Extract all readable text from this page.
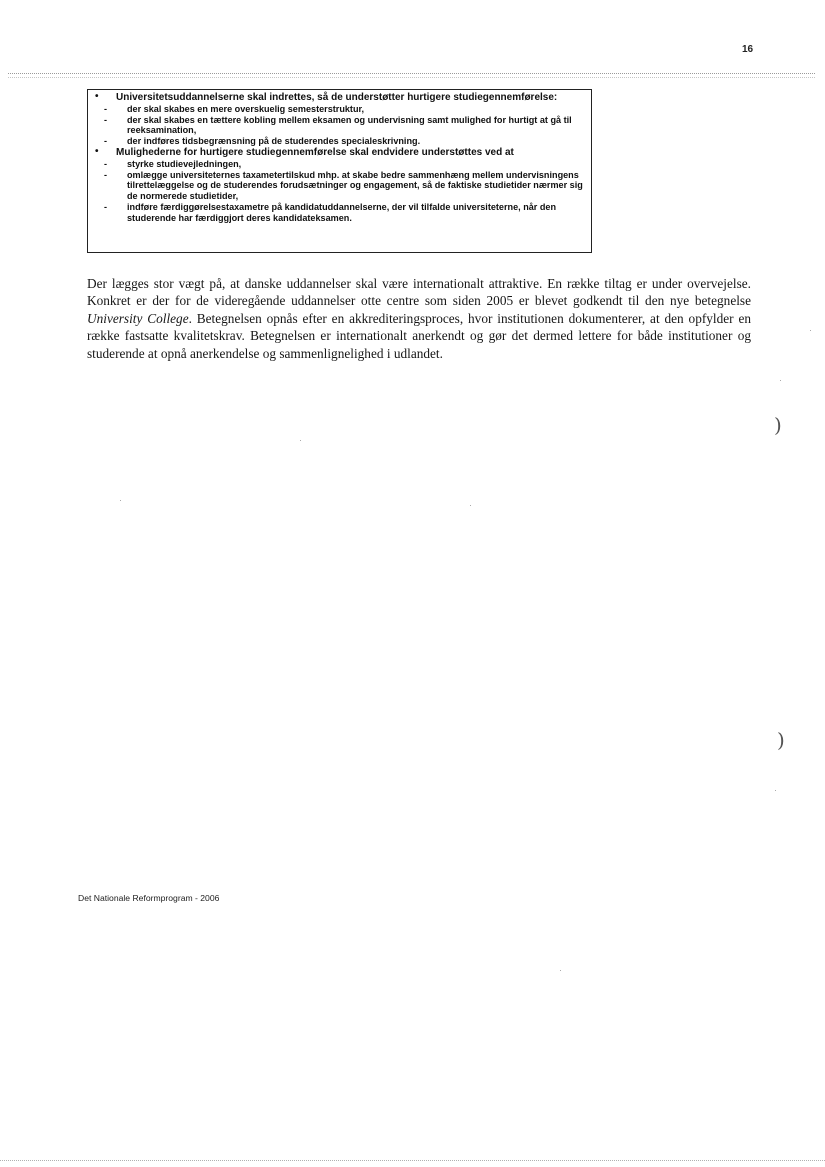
16
• Universitetsuddannelserne skal indrettes, så de understøtter hurtigere studiegennemførelse:
- der skal skabes en mere overskuelig semesterstruktur,
- der skal skabes en tættere kobling mellem eksamen og undervisning samt mulighed for hurtigt at gå til reeksamination,
- der indføres tidsbegrænsning på de studerendes specialeskrivning.
• Mulighederne for hurtigere studiegennemførelse skal endvidere understøttes ved at
- styrke studievejledningen,
- omlægge universiteternes taxametertilskud mhp. at skabe bedre sammenhæng mellem undervisningens tilrettelæggelse og de studerendes forudsætninger og engagement, så de faktiske studietider nærmer sig de normerede studietider,
- indføre færdiggørelsestaxametre på kandidatuddannelserne, der vil tilfalde universiteterne, når den studerende har færdiggjort deres kandidateksamen.

Der lægges stor vægt på, at danske uddannelser skal være internationalt attraktive. En række tiltag er under overvejelse. Konkret er der for de videregående uddannelser otte centre som siden 2005 er blevet godkendt til den nye betegnelse University College. Betegnelsen opnås efter en akkrediteringsproces, hvor institutionen dokumenterer, at den opfylder en række fastsatte kvalitetskrav. Betegnelsen er internationalt anerkendt og gør det dermed lettere for både institutioner og studerende at opnå anerkendelse og sammenlignelighed i udlandet.

)
)
Det Nationale Reformprogram - 2006
